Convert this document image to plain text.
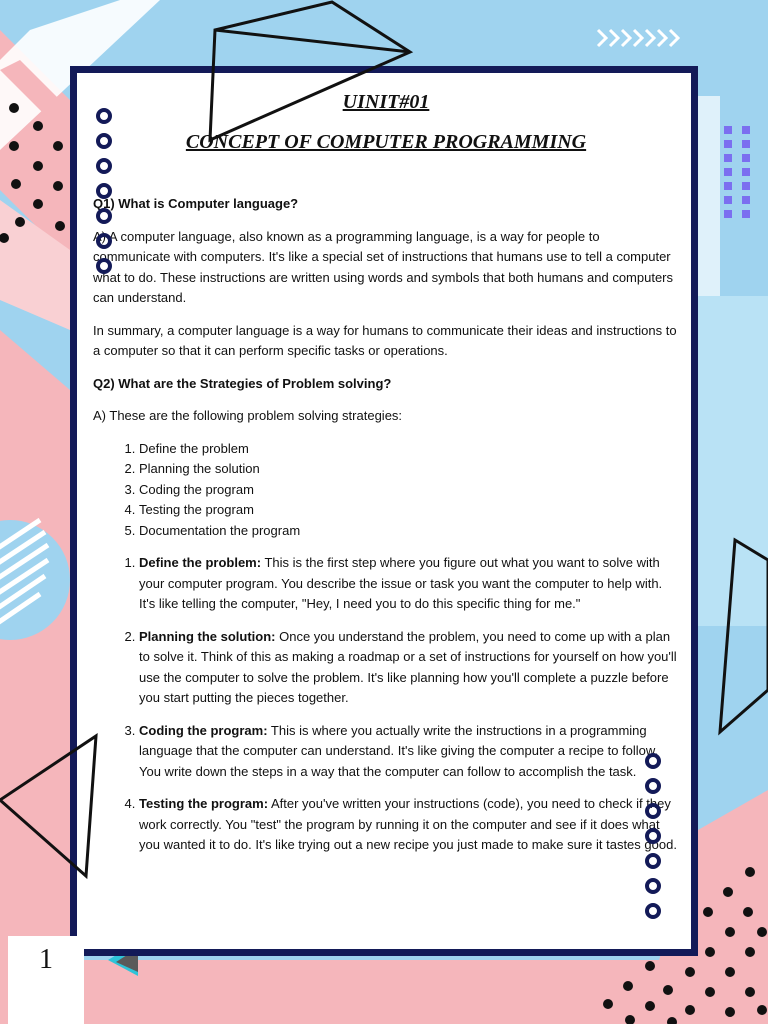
UINIT#01

CONCEPT OF COMPUTER PROGRAMMING

Q1) What is Computer language?

A) A computer language, also known as a programming language, is a way for people to communicate with computers. It's like a special set of instructions that humans use to tell a computer what to do. These instructions are written using words and symbols that both humans and computers can understand.

In summary, a computer language is a way for humans to communicate their ideas and instructions to a computer so that it can perform specific tasks or operations.

Q2) What are the Strategies of Problem solving?

A) These are the following problem solving strategies:

1. Define the problem
2. Planning the solution
3. Coding the program
4. Testing the program
5. Documentation the program
1. Define the problem: This is the first step where you figure out what you want to solve with your computer program. You describe the issue or task you want the computer to help with. It's like telling the computer, "Hey, I need you to do this specific thing for me."
2. Planning the solution: Once you understand the problem, you need to come up with a plan to solve it. Think of this as making a roadmap or a set of instructions for yourself on how you'll use the computer to solve the problem. It's like planning how you'll complete a puzzle before you start putting the pieces together.
3. Coding the program: This is where you actually write the instructions in a programming language that the computer can understand. It's like giving the computer a recipe to follow. You write down the steps in a way that the computer can follow to accomplish the task.
4. Testing the program: After you've written your instructions (code), you need to check if they work correctly. You "test" the program by running it on the computer and see if it does what you wanted it to do. It's like trying out a new recipe you just made to make sure it tastes good.
1
